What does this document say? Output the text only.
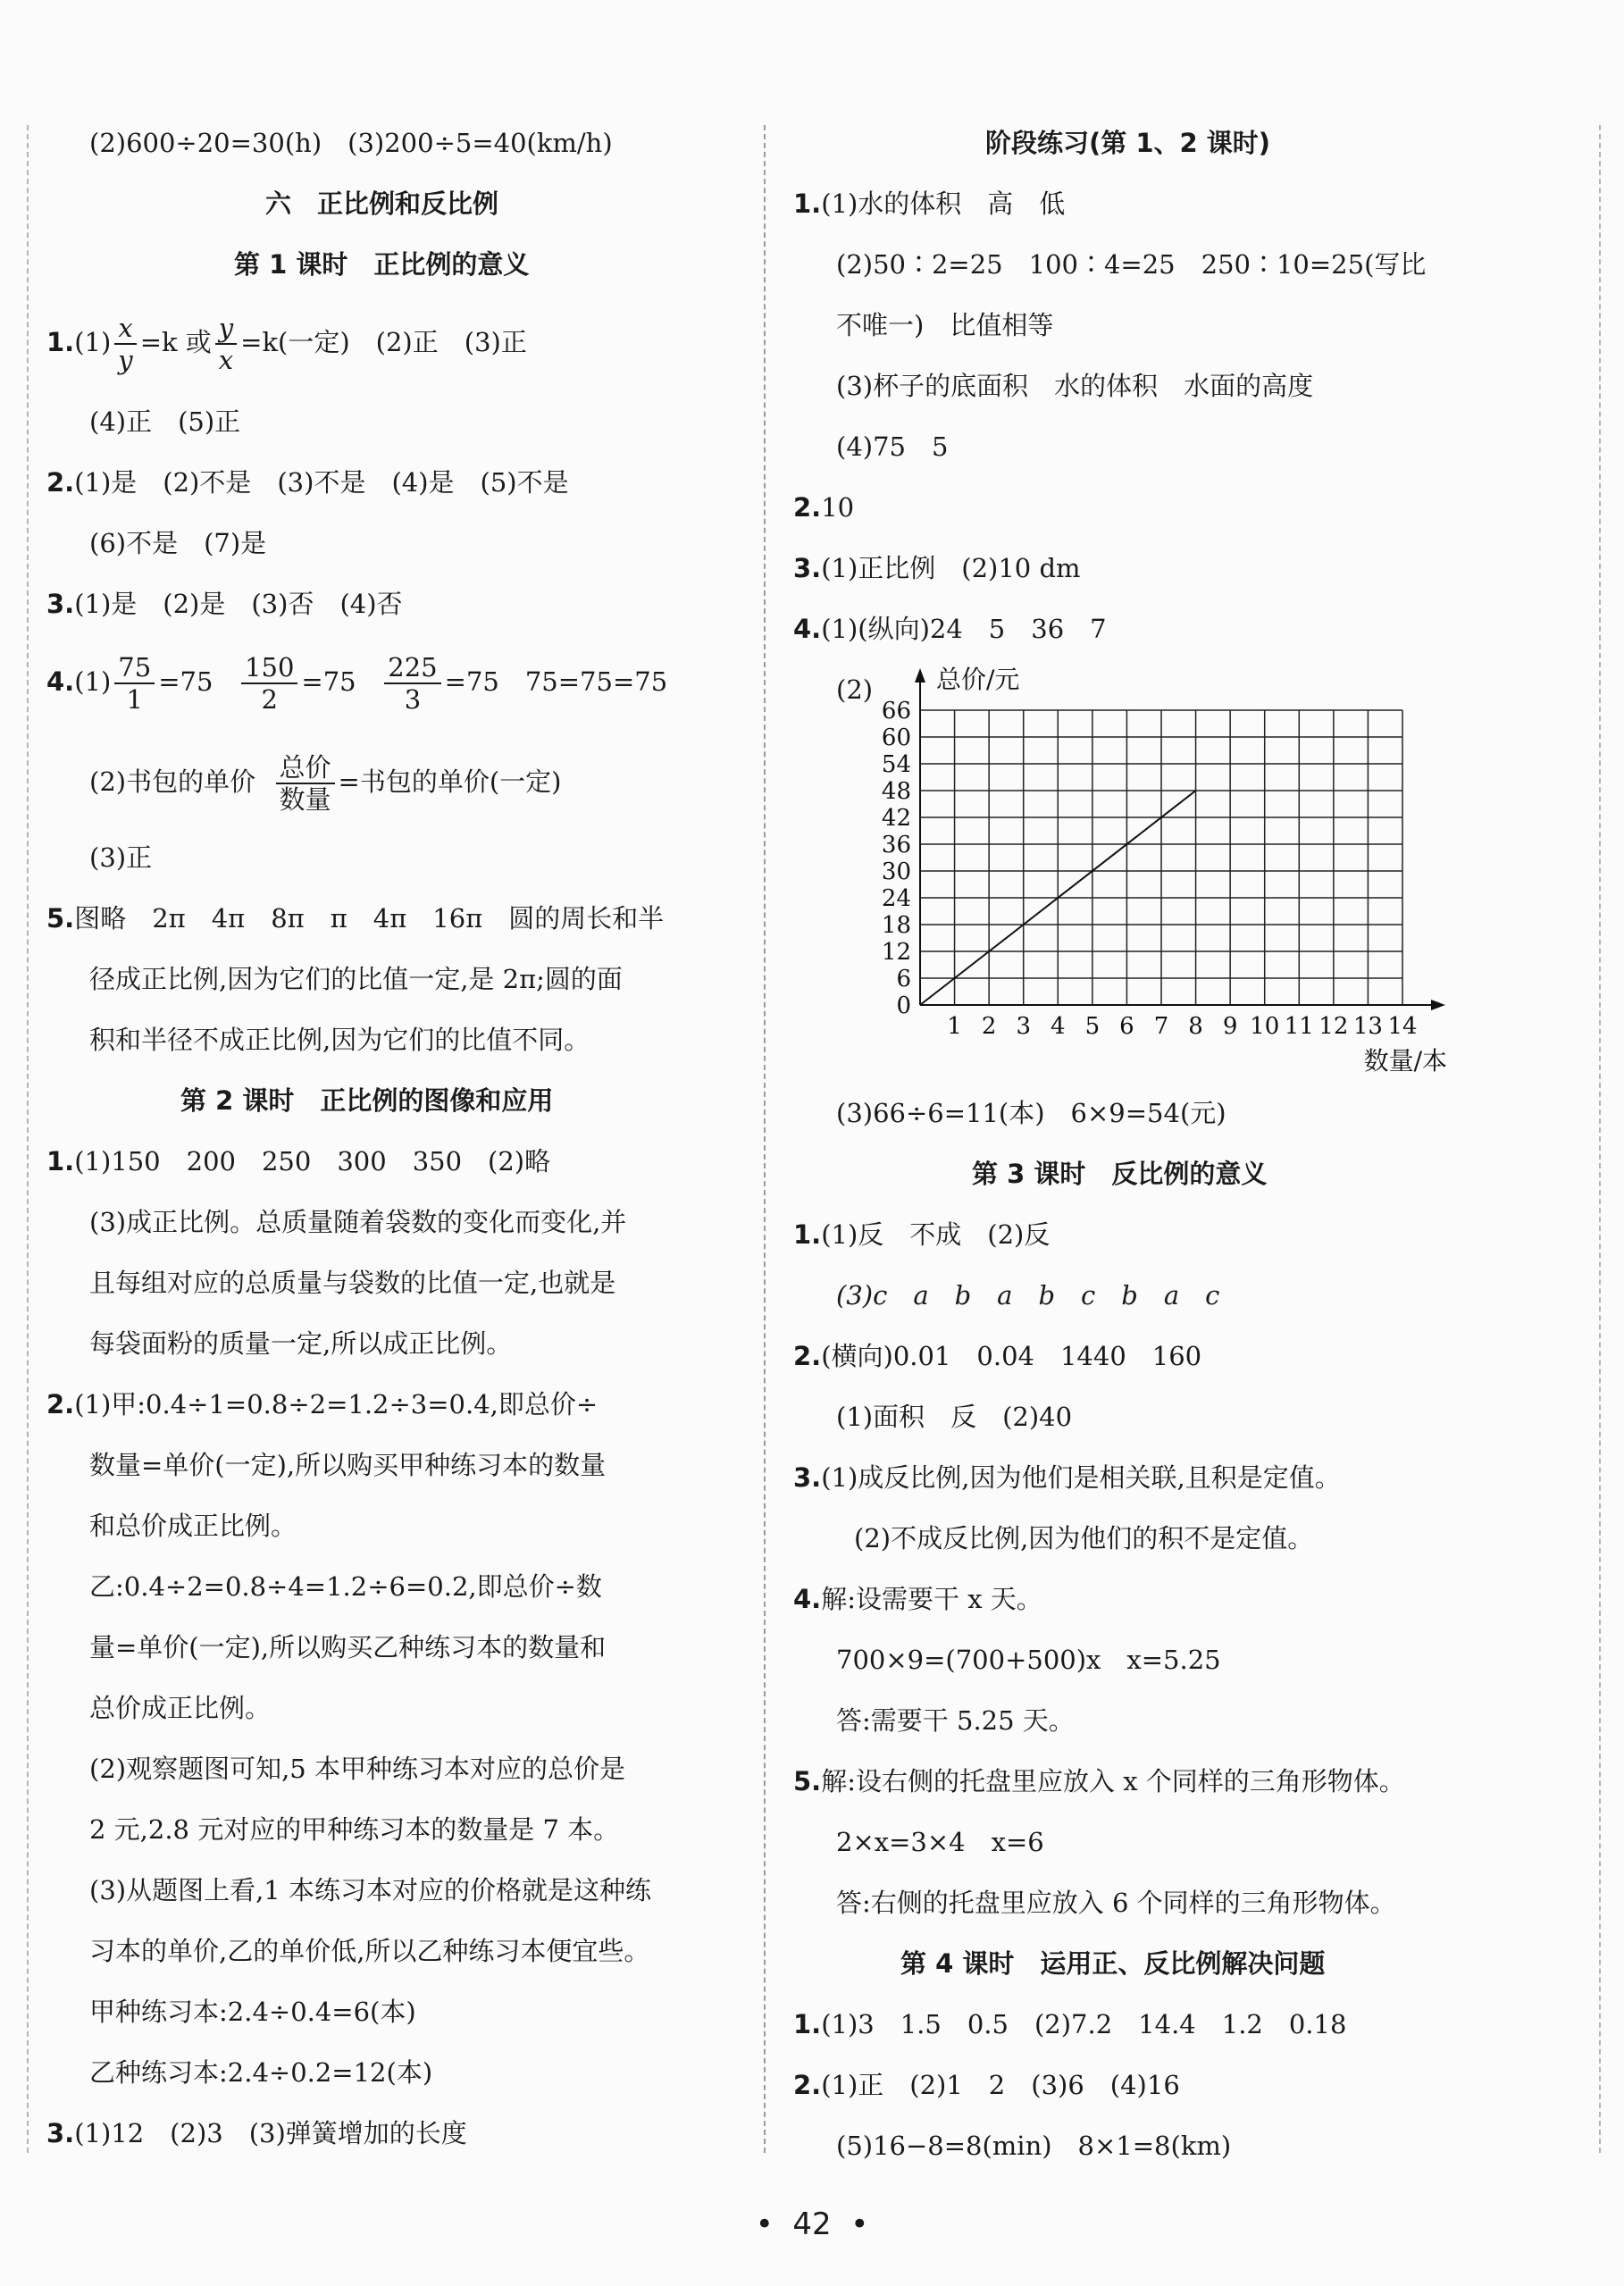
(2)600÷20=30(h)　(3)200÷5=40(km/h)
六　正比例和反比例
第 1 课时　正比例的意义
$1.(1) \frac{x}{y} =k$ 或 $\frac{y}{x} =k$(一定)　(2)正　(3)正
(4)正　(5)正
2.(1)是　(2)不是　(3)不是　(4)是　(5)不是
(6)不是　(7)是
3.(1)是　(2)是　(3)否　(4)否
$4.(1) \frac{75}{1} =75 \frac{150}{2} =75 \frac{225}{3} =75$　75=75=75
(2)书包的单价 $\frac{\text{总价}}{\text{数量}}$ =书包的单价(一定)
(3)正
5.图略　2π　4π　8π　π　4π　16π　圆的周长和半
径成正比例,因为它们的比值一定,是 2π;圆的面
积和半径不成正比例,因为它们的比值不同。
第 2 课时　正比例的图像和应用
1.(1)150　200　250　300　350　(2)略
(3)成正比例。总质量随着袋数的变化而变化,并
且每组对应的总质量与袋数的比值一定,也就是
每袋面粉的质量一定,所以成正比例。
2.(1)甲:0.4÷1=0.8÷2=1.2÷3=0.4,即总价÷
数量=单价(一定),所以购买甲种练习本的数量
和总价成正比例。
乙:0.4÷2=0.8÷4=1.2÷6=0.2,即总价÷数
量=单价(一定),所以购买乙种练习本的数量和
总价成正比例。
(2)观察题图可知,5 本甲种练习本对应的总价是
2 元,2.8 元对应的甲种练习本的数量是 7 本。
(3)从题图上看,1 本练习本对应的价格就是这种练
习本的单价,乙的单价低,所以乙种练习本便宜些。
甲种练习本:2.4÷0.4=6(本)
乙种练习本:2.4÷0.2=12(本)
3.(1)12　(2)3　(3)弹簧增加的长度
阶段练习(第 1、2 课时)
1.(1)水的体积　高　低
(2)50∶2=25　100∶4=25　250∶10=25(写比
不唯一)　比值相等
(3)杯子的底面积　水的体积　水面的高度
(4)75　5
2.10
3.(1)正比例　(2)10 dm
4.(1)(纵向)24　5　36　7
(2)
(3)66÷6=11(本)　6×9=54(元)
第 3 课时　反比例的意义
1.(1)反　不成　(2)反
(3)c　a　b　a　b　c　b　a　c
2.(横向)0.01　0.04　1440　160
(1)面积　反　(2)40
3.(1)成反比例,因为他们是相关联,且积是定值。
(2)不成反比例,因为他们的积不是定值。
4.解:设需要干 x 天。
700×9=(700+500)x　x=5.25
答:需要干 5.25 天。
5.解:设右侧的托盘里应放入 x 个同样的三角形物体。
2×x=3×4　x=6
答:右侧的托盘里应放入 6 个同样的三角形物体。
第 4 课时　运用正、反比例解决问题
1.(1)3　1.5　0.5　(2)7.2　14.4　1.2　0.18
2.(1)正　(2)1　2　(3)6　(4)16
(5)16−8=8(min)　8×1=8(km)
1 2 3 4 5 6 7 8 9 10 11 12 13 14
6
12
18
24
30
36
42
48
54
60
66
0
总价/元
数量/本
•  42  •
